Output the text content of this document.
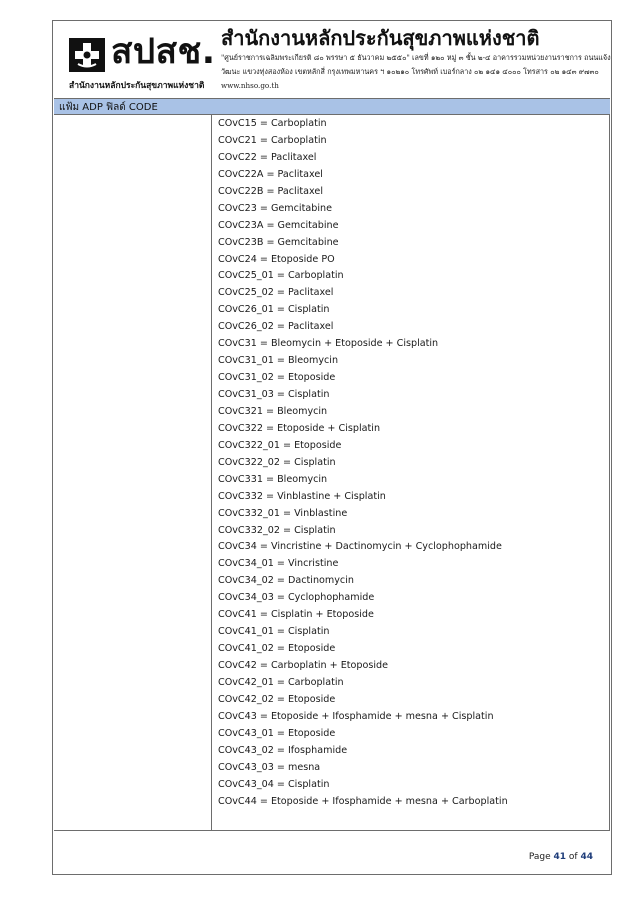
สปสช.
สำนักงานหลักประกันสุขภาพแห่งชาติ
สำนักงานหลักประกันสุขภาพแห่งชาติ
"ศูนย์ราชการเฉลิมพระเกียรติ ๘๐ พรรษา ๕ ธันวาคม ๒๕๕๐" เลขที่ ๑๒๐ หมู่ ๓ ชั้น ๒-๔ อาคารรวมหน่วยงานราชการ ถนนแจ้ง
วัฒนะ แขวงทุ่งสองห้อง เขตหลักสี่ กรุงเทพมหานคร ฯ ๑๐๒๑๐ โทรศัพท์ เบอร์กลาง ๐๒ ๑๔๑ ๔๐๐๐ โทรสาร ๐๒ ๑๔๓ ๙๗๓๐
www.nhso.go.th
แฟ้ม ADP ฟิลด์ CODE
COvC15 = Carboplatin
COvC21 = Carboplatin
COvC22 = Paclitaxel
COvC22A = Paclitaxel
COvC22B = Paclitaxel
COvC23 = Gemcitabine
COvC23A = Gemcitabine
COvC23B = Gemcitabine
COvC24 = Etoposide PO
COvC25_01 = Carboplatin
COvC25_02 = Paclitaxel
COvC26_01 = Cisplatin
COvC26_02 = Paclitaxel
COvC31 = Bleomycin + Etoposide + Cisplatin
COvC31_01 = Bleomycin
COvC31_02 = Etoposide
COvC31_03 = Cisplatin
COvC321 = Bleomycin
COvC322 = Etoposide + Cisplatin
COvC322_01 = Etoposide
COvC322_02 = Cisplatin
COvC331 = Bleomycin
COvC332 = Vinblastine + Cisplatin
COvC332_01 = Vinblastine
COvC332_02 = Cisplatin
COvC34 = Vincristine + Dactinomycin + Cyclophophamide
COvC34_01 = Vincristine
COvC34_02 = Dactinomycin
COvC34_03 = Cyclophophamide
COvC41 = Cisplatin + Etoposide
COvC41_01 = Cisplatin
COvC41_02 = Etoposide
COvC42 = Carboplatin + Etoposide
COvC42_01 = Carboplatin
COvC42_02 = Etoposide
COvC43 = Etoposide + Ifosphamide + mesna + Cisplatin
COvC43_01 = Etoposide
COvC43_02 = Ifosphamide
COvC43_03 = mesna
COvC43_04 = Cisplatin
COvC44 = Etoposide + Ifosphamide + mesna + Carboplatin
Page 41 of 44
